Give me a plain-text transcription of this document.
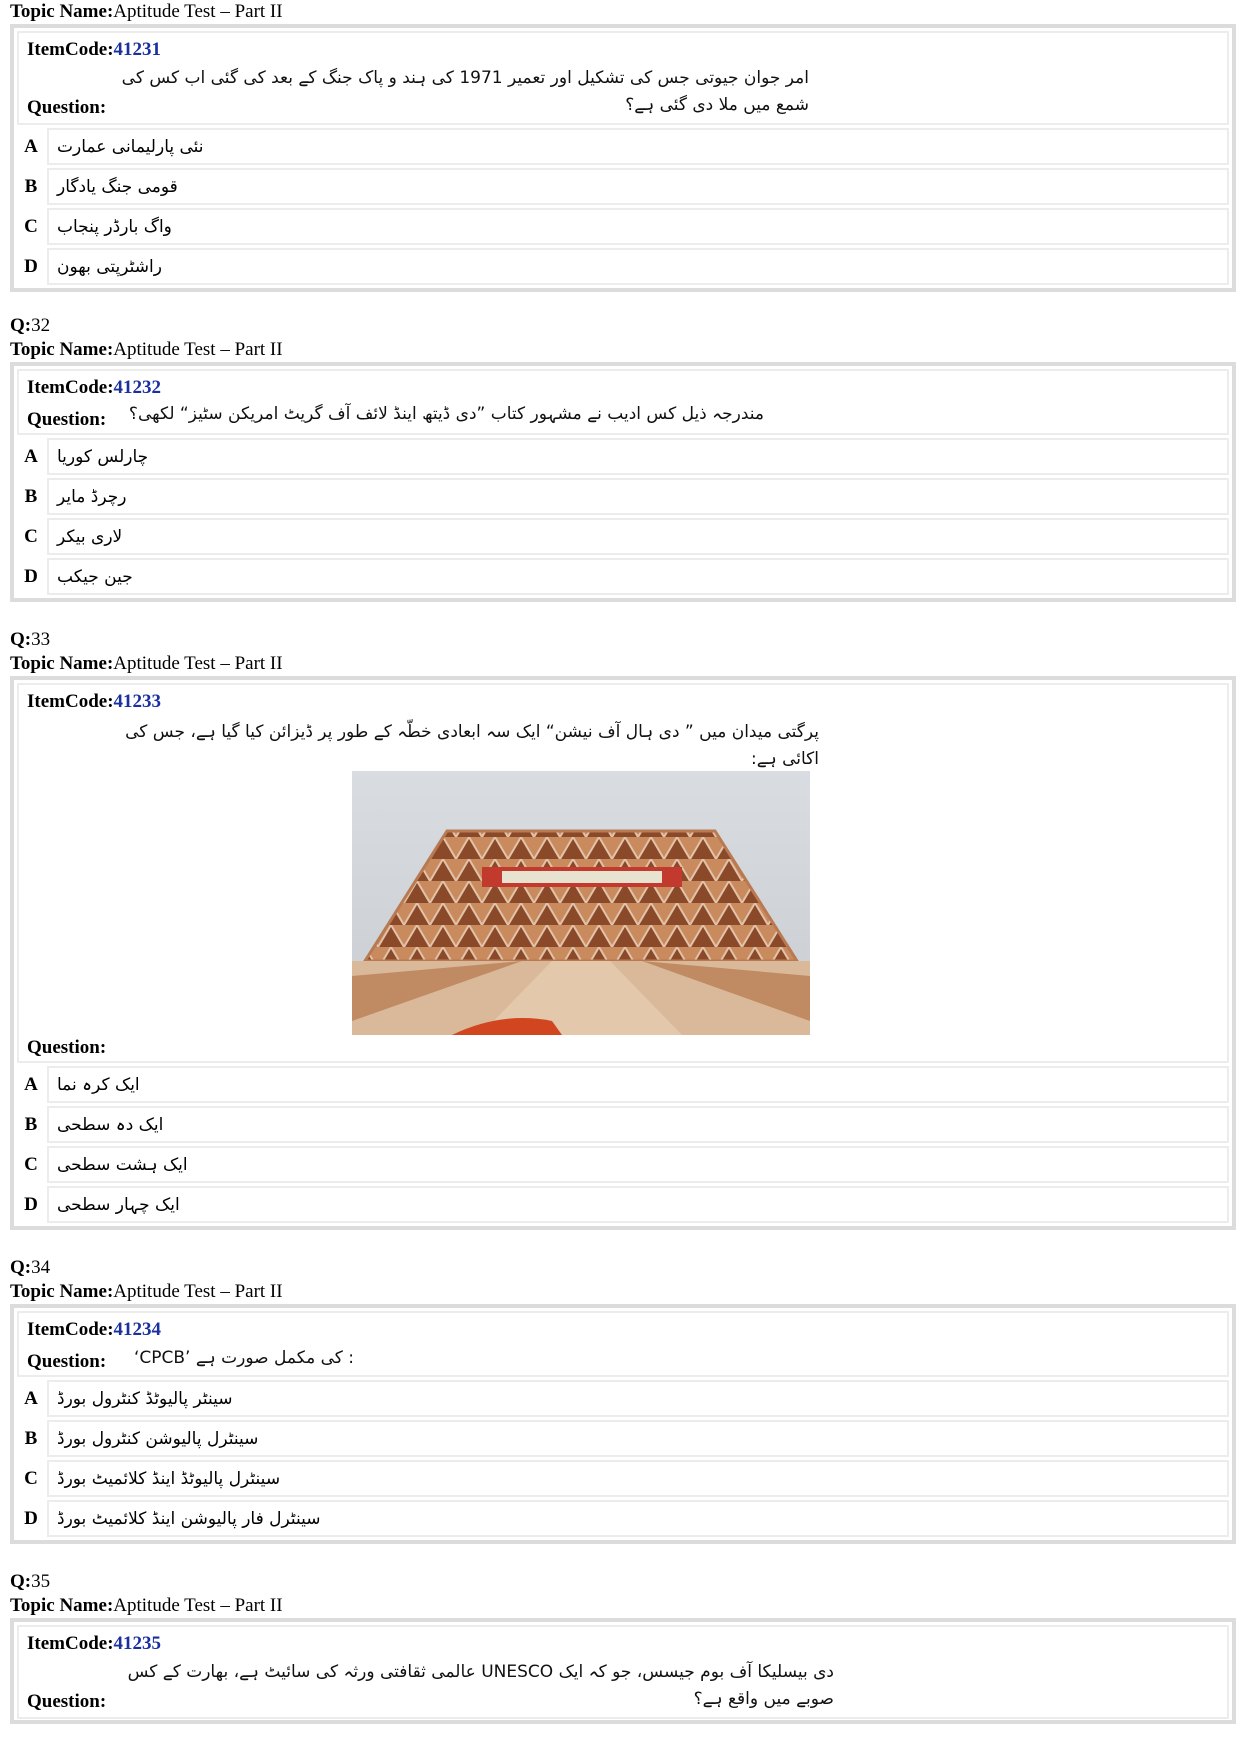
Topic Name:Aptitude Test – Part II
ItemCode:41231
امر جوان جیوتی جس کی تشکیل اور تعمیر 1971 کی ہند و پاک جنگ کے بعد کی گئی اب کس کی شمع میں ملا دی گئی ہے؟
Question:
A	نئی پارلیمانی عمارت
B	قومی جنگ یادگار
C	واگ بارڈر پنجاب
D	راشٹرپتی بھون
Q:32
Topic Name:Aptitude Test – Part II
ItemCode:41232
مندرجہ ذیل کس ادیب نے مشہور کتاب ”دی ڈیتھ اینڈ لائف آف گریٹ امریکن سٹیز“ لکھی؟
Question:
A	چارلس کوریا
B	رچرڈ مایر
C	لاری بیکر
D	جین جیکب
Q:33
Topic Name:Aptitude Test – Part II
ItemCode:41233
پرگتی میدان میں ” دی ہال آف نیشن“ ایک سہ ابعادی خطّہ کے طور پر ڈیزائن کیا گیا ہے، جس کی اکائی ہے:
Question:
A	ایک کرہ نما
B	ایک دہ سطحی
C	ایک ہشت سطحی
D	ایک چہار سطحی
Q:34
Topic Name:Aptitude Test – Part II
ItemCode:41234
‘CPCB’ کی مکمل صورت ہے :
Question:
A	سینٹر پالیوٹڈ کنٹرول بورڈ
B	سینٹرل پالیوشن کنٹرول بورڈ
C	سینٹرل پالیوٹڈ اینڈ کلائمیٹ بورڈ
D	سینٹرل فار پالیوشن اینڈ کلائمیٹ بورڈ
Q:35
Topic Name:Aptitude Test – Part II
ItemCode:41235
دی بیسلیکا آف بوم جیسس، جو کہ ایک UNESCO عالمی ثقافتی ورثہ کی سائیٹ ہے، بھارت کے کس صوبے میں واقع ہے؟
Question:
